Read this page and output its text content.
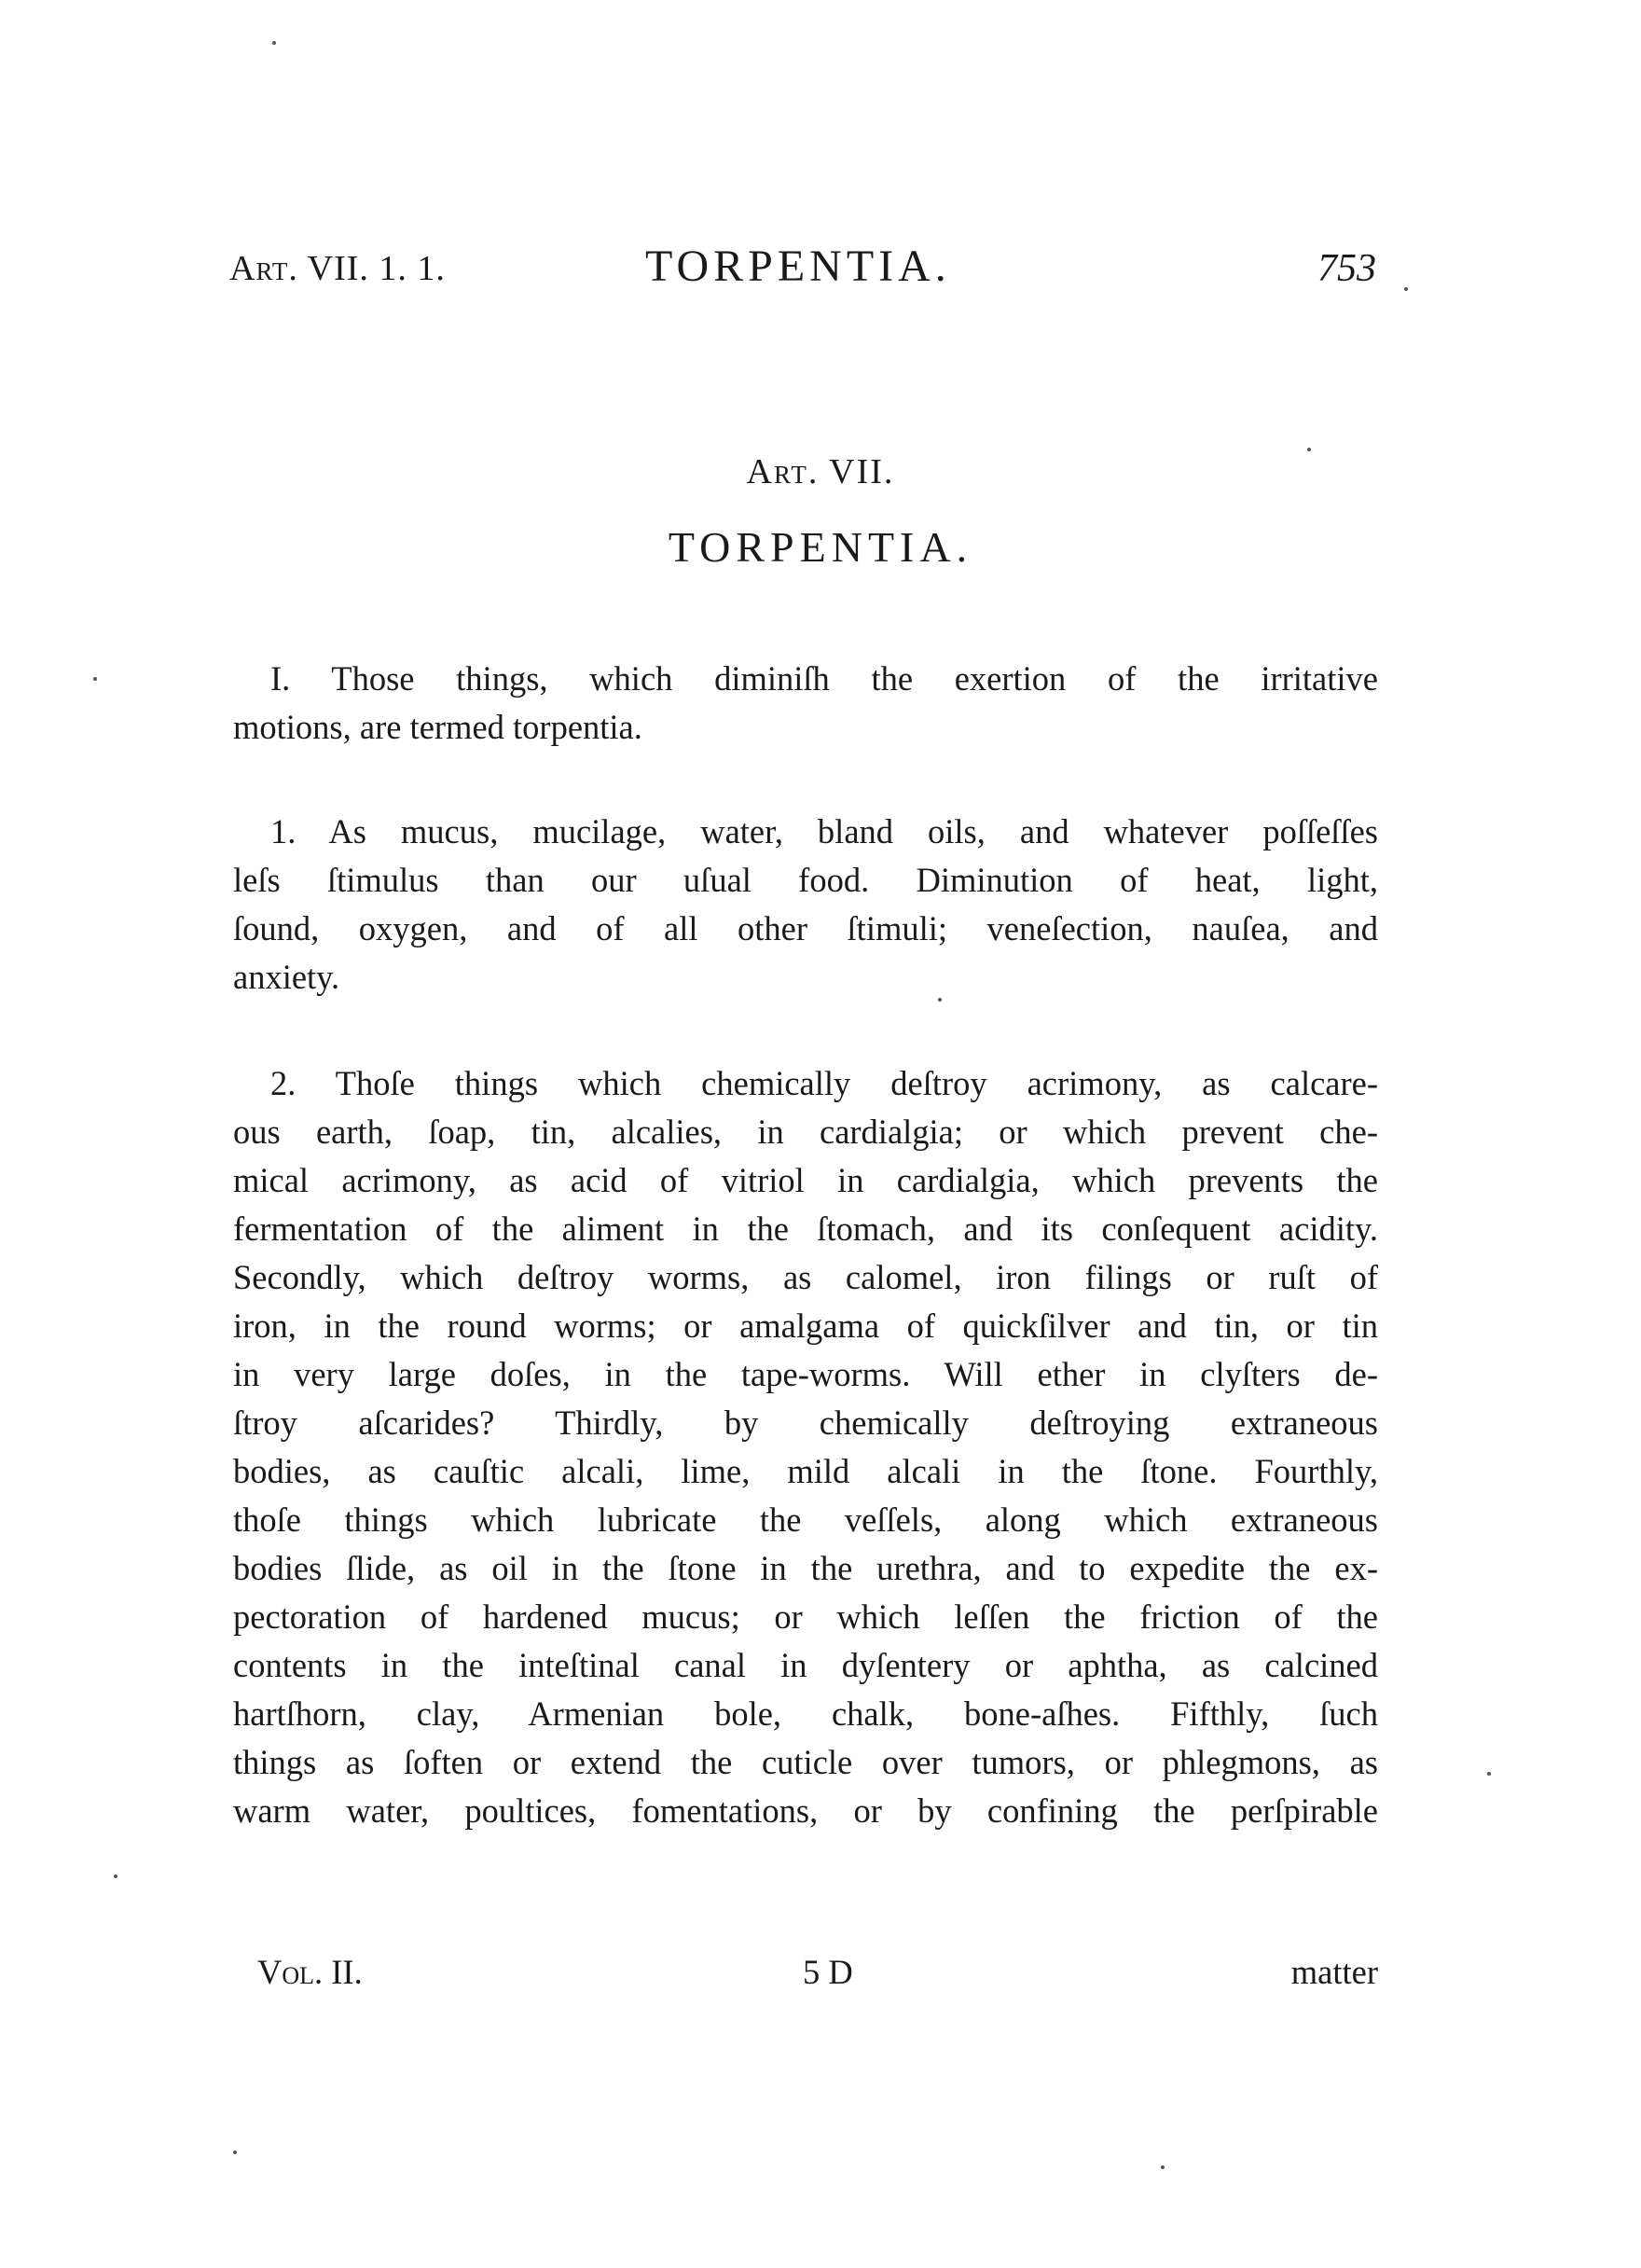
Art. VII. 1. 1.	TORPENTIA.	753
Art. VII.
TORPENTIA.
I. Those things, which diminiſh the exertion of the irritative
motions, are termed torpentia.
1. As mucus, mucilage, water, bland oils, and whatever poſſeſſes
leſs ſtimulus than our uſual food. Diminution of heat, light,
ſound, oxygen, and of all other ſtimuli; veneſection, nauſea, and
anxiety.
2. Thoſe things which chemically deſtroy acrimony, as calcare-
ous earth, ſoap, tin, alcalies, in cardialgia; or which prevent che-
mical acrimony, as acid of vitriol in cardialgia, which prevents the
fermentation of the aliment in the ſtomach, and its conſequent acidity.
Secondly, which deſtroy worms, as calomel, iron filings or ruſt of
iron, in the round worms; or amalgama of quickſilver and tin, or tin
in very large doſes, in the tape-worms. Will ether in clyſters de-
ſtroy aſcarides? Thirdly, by chemically deſtroying extraneous
bodies, as cauſtic alcali, lime, mild alcali in the ſtone. Fourthly,
thoſe things which lubricate the veſſels, along which extraneous
bodies ſlide, as oil in the ſtone in the urethra, and to expedite the ex-
pectoration of hardened mucus; or which leſſen the friction of the
contents in the inteſtinal canal in dyſentery or aphtha, as calcined
hartſhorn, clay, Armenian bole, chalk, bone-aſhes. Fifthly, ſuch
things as ſoften or extend the cuticle over tumors, or phlegmons, as
warm water, poultices, fomentations, or by confining the perſpirable
Vol. II.	5 D	matter
